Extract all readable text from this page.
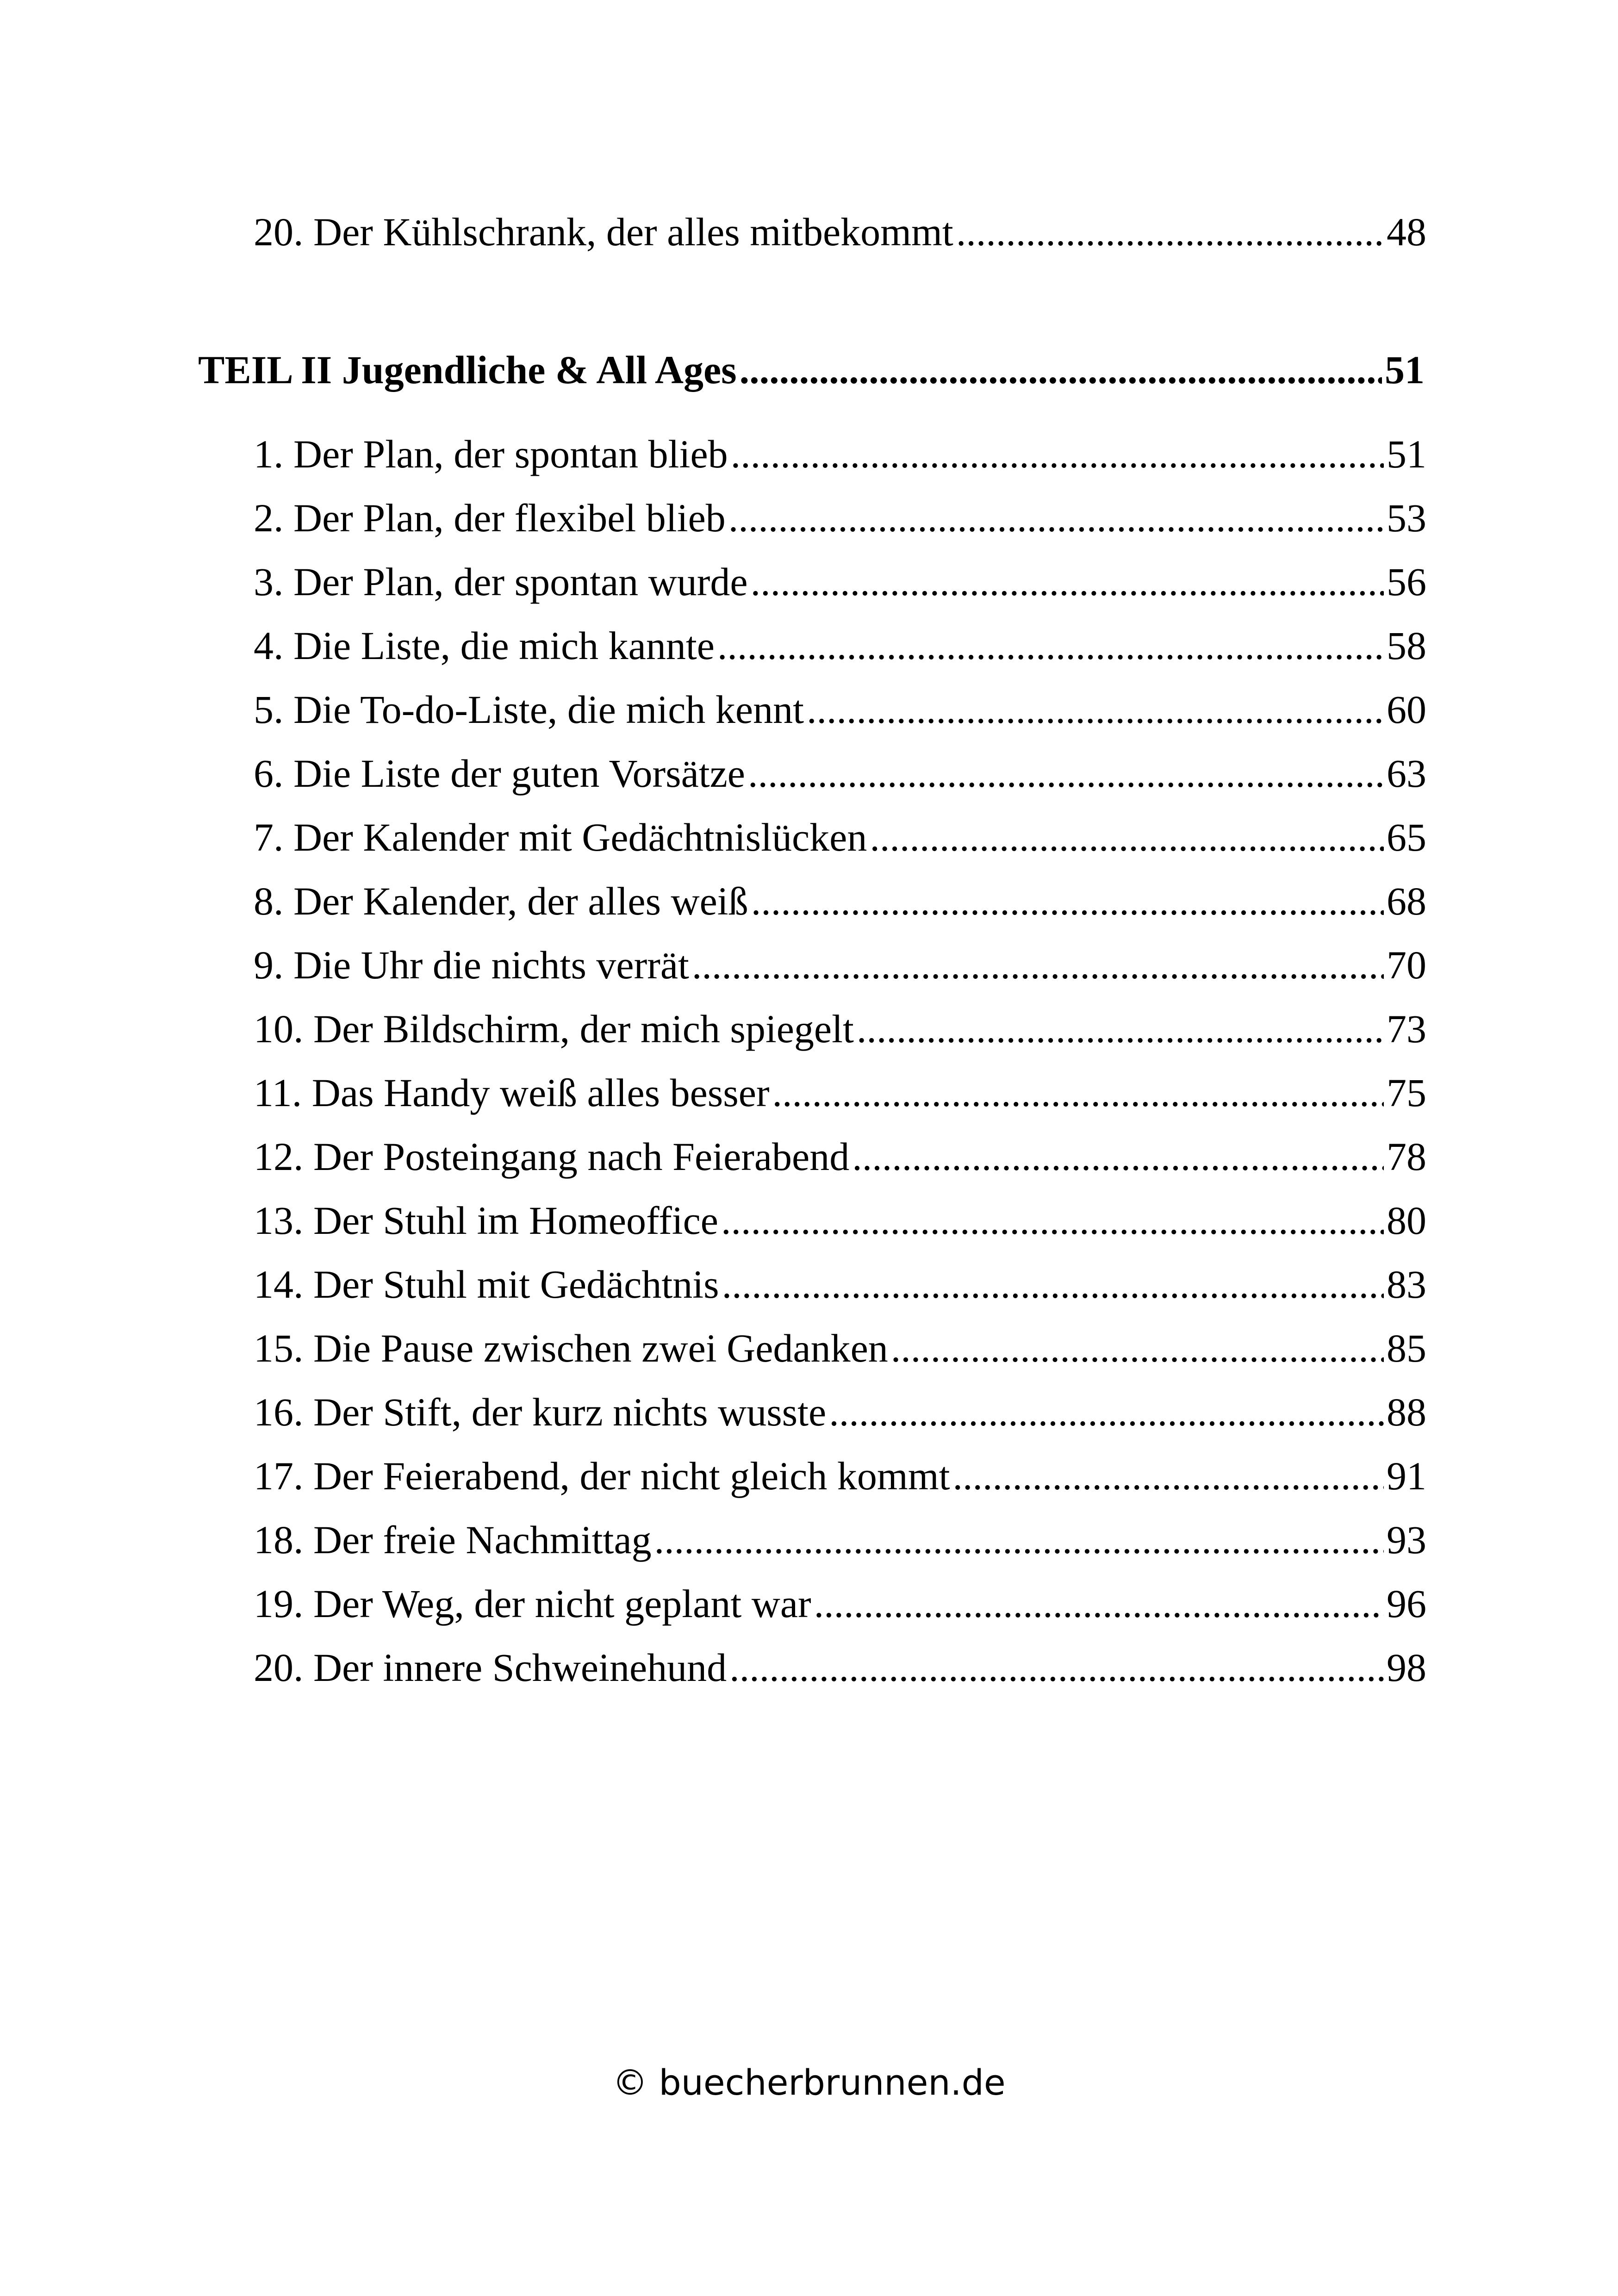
20. Der Kühlschrank, der alles mitbekommt .....	48
TEIL II Jugendliche & All Ages .....	51
1. Der Plan, der spontan blieb .....	51
2. Der Plan, der flexibel blieb .....	53
3. Der Plan, der spontan wurde .....	56
4. Die Liste, die mich kannte .....	58
5. Die To-do-Liste, die mich kennt .....	60
6. Die Liste der guten Vorsätze .....	63
7. Der Kalender mit Gedächtnislücken .....	65
8. Der Kalender, der alles weiß .....	68
9. Die Uhr die nichts verrät .....	70
10. Der Bildschirm, der mich spiegelt .....	73
11. Das Handy weiß alles besser .....	75
12. Der Posteingang nach Feierabend .....	78
13. Der Stuhl im Homeoffice .....	80
14. Der Stuhl mit Gedächtnis .....	83
15. Die Pause zwischen zwei Gedanken .....	85
16. Der Stift, der kurz nichts wusste .....	88
17. Der Feierabend, der nicht gleich kommt .....	91
18. Der freie Nachmittag .....	93
19. Der Weg, der nicht geplant war .....	96
20. Der innere Schweinehund .....	98
© buecherbrunnen.de
